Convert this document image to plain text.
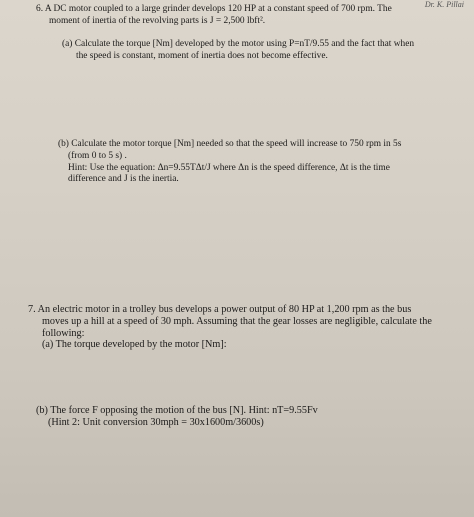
Dr. K. Pillai

6. A DC motor coupled to a large grinder develops 120 HP at a constant speed of 700 rpm. The
moment of inertia of the revolving parts is J = 2,500 lbft².
(a) Calculate the torque [Nm] developed by the motor using P=nT/9.55 and the fact that when
the speed is constant, moment of inertia does not become effective.
(b) Calculate the motor torque [Nm] needed so that the speed will increase to 750 rpm in 5s
(from 0 to 5 s) .
Hint: Use the equation: Δn=9.55TΔt/J where Δn is the speed difference, Δt is the time
difference and J is the inertia.
7. An electric motor in a trolley bus develops a power output of 80 HP at 1,200 rpm as the bus
moves up a hill at a speed of 30 mph. Assuming that the gear losses are negligible, calculate the
following:
(a) The torque developed by the motor [Nm]:
(b) The force F opposing the motion of the bus [N]. Hint: nT=9.55Fv
(Hint 2: Unit conversion 30mph = 30x1600m/3600s)
